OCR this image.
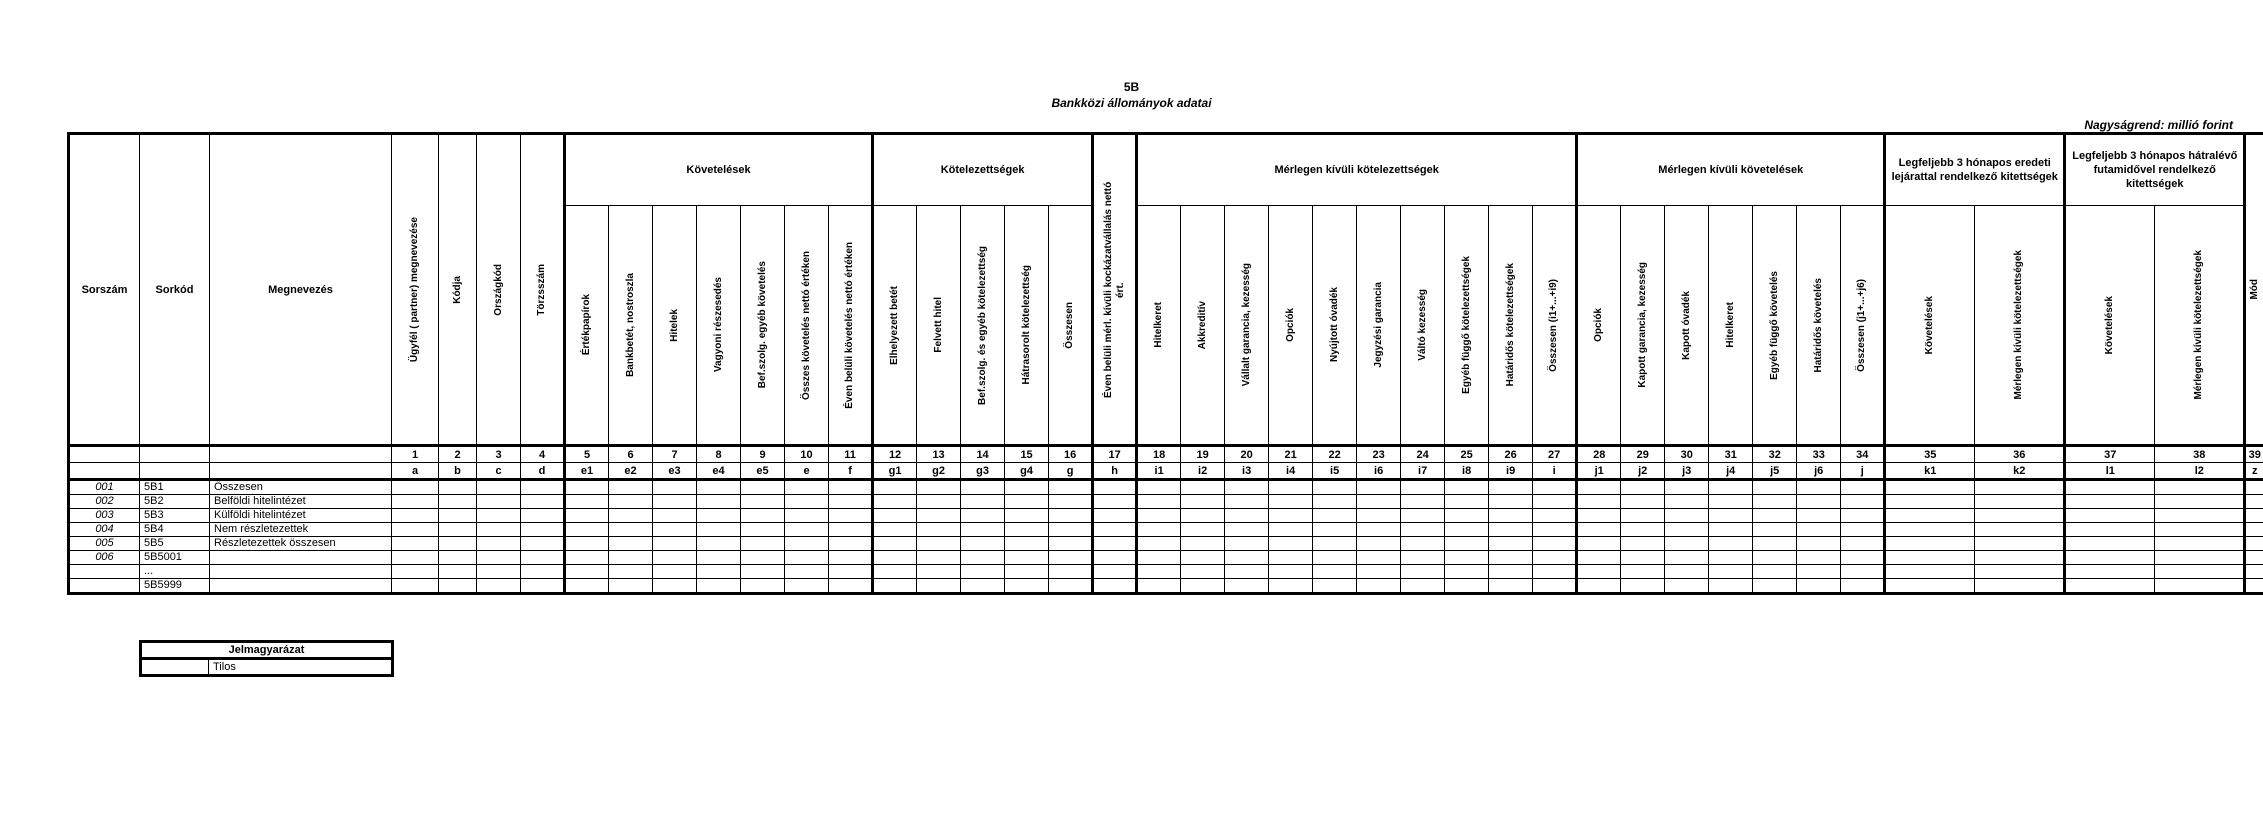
5B
Bankközi állományok adatai
Nagyságrend: millió forint
Sorszám	Sorkód	Megnevezés	Ügyfél ( partner) megnevezése	Kódja	Országkód	Törzsszám	Követelések							Kötelezettségek					Éven belüli mérl. kívüli kockázatvállalás nettó ért.	Mérlegen kívüli kötelezettségek										Mérlegen kívüli követelések							Legfeljebb 3 hónapos eredeti lejárattal rendelkező kitettségek		Legfeljebb 3 hónapos hátralévő futamidővel rendelkező kitettségek		Mód

							Értékpapírok	Bankbetét, nostroszla	Hitelek	Vagyoni részesedés	Bef.szolg. egyéb követelés	Összes követelés nettó értéken	Éven belüli követelés nettó értéken	Elhelyezett betét	Felvett hitel	Bef.szolg. és egyéb kötelezettség	Hátrasorolt kötelezettség	Összesen		Hitelkeret	Akkreditív	Vállalt garancia, kezesség	Opciók	Nyújtott óvadék	Jegyzési garancia	Váltó kezesség	Egyéb függő kötelezettségek	Határidős kötelezettségek	Összesen (i1+...+i9)	Opciók	Kapott garancia, kezesség	Kapott óvadék	Hitelkeret	Egyéb függő követelés	Határidős követelés	Összesen (j1+...+j6)	Követelések	Mérlegen kívüli kötelezettségek	Követelések	Mérlegen kívüli kötelezettségek	

			1	2	3	4	5	6	7	8	9	10	11	12	13	14	15	16	17	18	19	20	21	22	23	24	25	26	27	28	29	30	31	32	33	34	35	36	37	38	39
			a	b	c	d	e1	e2	e3	e4	e5	e	f	g1	g2	g3	g4	g	h	i1	i2	i3	i4	i5	i6	i7	i8	i9	i	j1	j2	j3	j4	j5	j6	j	k1	k2	l1	l2	z
001	5B1	Összesen																																							
002	5B2	Belföldi hitelintézet																																							
003	5B3	Külföldi hitelintézet																																							
004	5B4	Nem részletezettek																																							
005	5B5	Részletezettek összesen																																							
006	5B5001																																								
	...																																								
	5B5999																																								
Jelmagyarázat
	Tilos
